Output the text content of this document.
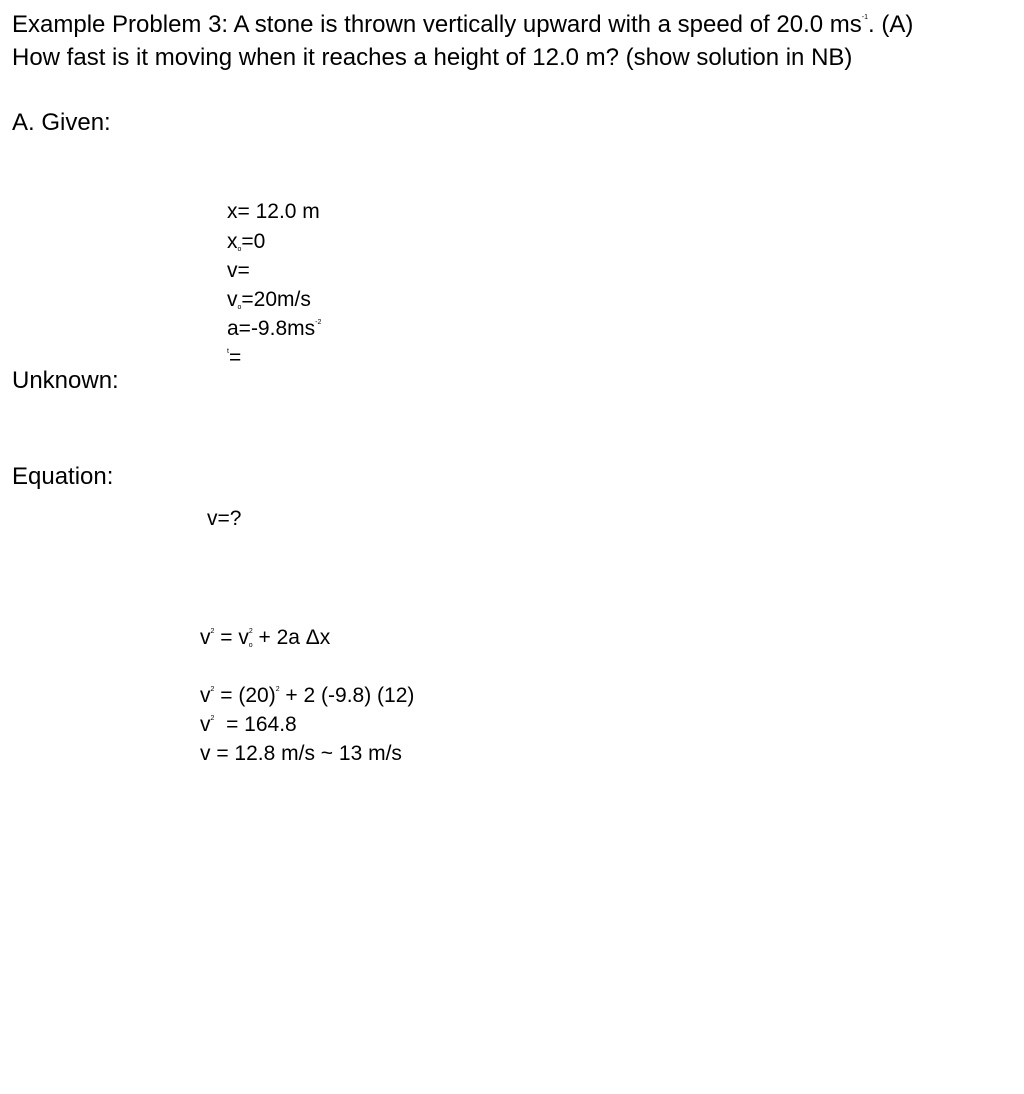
Example Problem 3: A stone is thrown vertically upward with a speed of 20.0 $ms^{-1}$. (A)
How fast is it moving when it reaches a height of 12.0 m? (show solution in NB)
A. Given:
Unknown:
Equation:
x= 12.0 m
xo=0
v=
vo=20m/s
$a=-9.8ms^{-2}$
$^t$=
v=?
$v^2 = v^2o + 2a$ Δx
$v^2 = (20)^2 + 2$ (-9.8) (12)
$v^2 = 164.8$
v = 12.8 m/s ~ 13 m/s
